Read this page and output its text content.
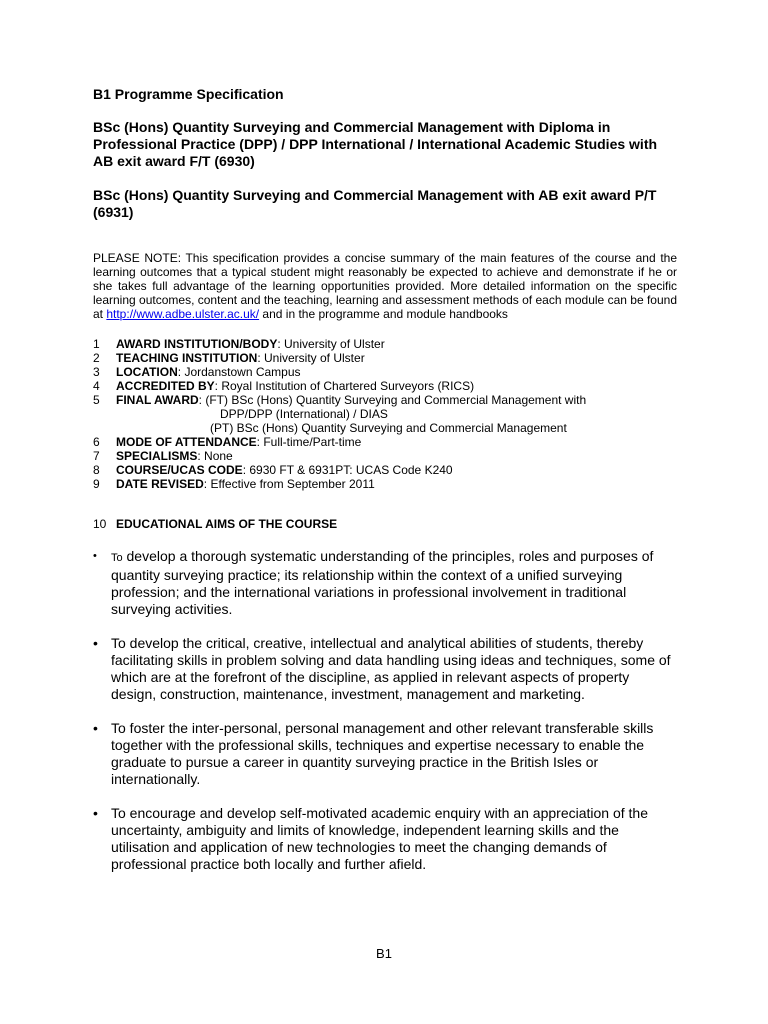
B1 Programme Specification
BSc (Hons) Quantity Surveying and Commercial Management with Diploma in Professional Practice (DPP) / DPP International / International Academic Studies with AB exit award F/T (6930)
BSc (Hons) Quantity Surveying and Commercial Management with AB exit award P/T (6931)
PLEASE NOTE: This specification provides a concise summary of the main features of the course and the learning outcomes that a typical student might reasonably be expected to achieve and demonstrate if he or she takes full advantage of the learning opportunities provided. More detailed information on the specific learning outcomes, content and the teaching, learning and assessment methods of each module can be found at http://www.adbe.ulster.ac.uk/ and in the programme and module handbooks
1	AWARD INSTITUTION/BODY: University of Ulster
2	TEACHING INSTITUTION: University of Ulster
3	LOCATION: Jordanstown Campus
4	ACCREDITED BY: Royal Institution of Chartered Surveyors (RICS)
5	FINAL AWARD: (FT) BSc (Hons) Quantity Surveying and Commercial Management with
DPP/DPP (International) / DIAS
(PT) BSc (Hons) Quantity Surveying and Commercial Management
6	MODE OF ATTENDANCE: Full-time/Part-time
7	SPECIALISMS: None
8	COURSE/UCAS CODE: 6930 FT & 6931PT: UCAS Code K240
9	DATE REVISED: Effective from September 2011
10 EDUCATIONAL AIMS OF THE COURSE
•	To develop a thorough systematic understanding of the principles, roles and purposes of quantity surveying practice; its relationship within the context of a unified surveying profession; and the international variations in professional involvement in traditional surveying activities.
• To develop the critical, creative, intellectual and analytical abilities of students, thereby facilitating skills in problem solving and data handling using ideas and techniques, some of which are at the forefront of the discipline, as applied in relevant aspects of property design, construction, maintenance, investment, management and marketing.
• To foster the inter-personal, personal management and other relevant transferable skills together with the professional skills, techniques and expertise necessary to enable the graduate to pursue a career in quantity surveying practice in the British Isles or internationally.
• To encourage and develop self-motivated academic enquiry with an appreciation of the uncertainty, ambiguity and limits of knowledge, independent learning skills and the utilisation and application of new technologies to meet the changing demands of professional practice both locally and further afield.
B1
